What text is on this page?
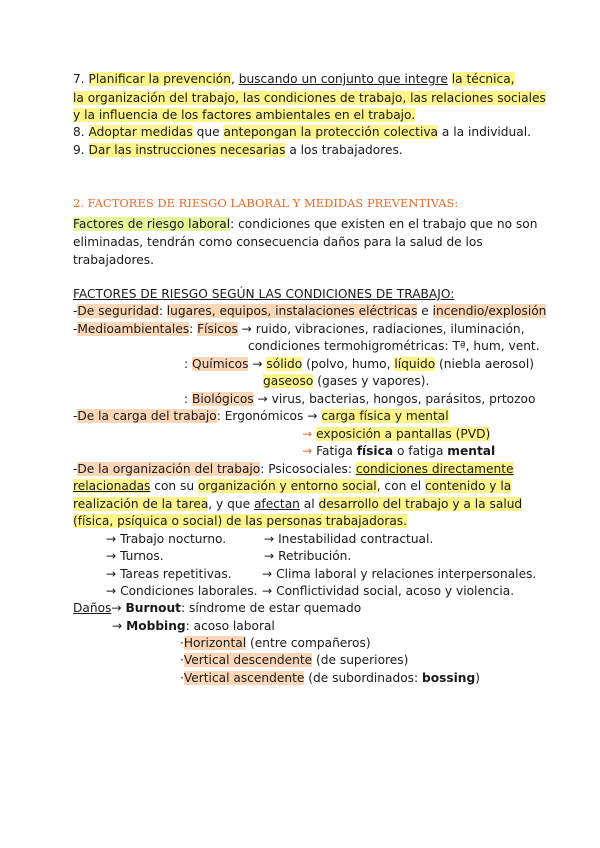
7. Planificar la prevención, buscando un conjunto que integre la técnica,
la organización del trabajo, las condiciones de trabajo, las relaciones sociales
y la influencia de los factores ambientales en el trabajo.
8. Adoptar medidas que antepongan la protección colectiva a la individual.
9. Dar las instrucciones necesarias a los trabajadores.
2. FACTORES DE RIESGO LABORAL Y MEDIDAS PREVENTIVAS:
Factores de riesgo laboral: condiciones que existen en el trabajo que no son
eliminadas, tendrán como consecuencia daños para la salud de los
trabajadores.
FACTORES DE RIESGO SEGÚN LAS CONDICIONES DE TRABAJO:
-De seguridad: lugares, equipos, instalaciones eléctricas e incendio/explosión
-Medioambientales: Físicos → ruido, vibraciones, radiaciones, iluminación,
condiciones termohigrométricas: Tª, hum, vent.
: Químicos → sólido (polvo, humo, líquido (niebla aerosol)
gaseoso (gases y vapores).
: Biológicos → virus, bacterias, hongos, parásitos, prtozoo
-De la carga del trabajo: Ergonómicos → carga física y mental
→ exposición a pantallas (PVD)
→ Fatiga física o fatiga mental
-De la organización del trabajo: Psicosociales: condiciones directamente
relacionadas con su organización y entorno social, con el contenido y la
realización de la tarea, y que afectan al desarrollo del trabajo y a la salud
(física, psíquica o social) de las personas trabajadoras.
→ Trabajo nocturno.
→ Turnos.
→ Tareas repetitivas.
→ Condiciones laborales.
→ Inestabilidad contractual.
→ Retribución.
→ Clima laboral y relaciones interpersonales.
→ Conflictividad social, acoso y violencia.
Daños→ Burnout: síndrome de estar quemado
→ Mobbing: acoso laboral
·Horizontal (entre compañeros)
·Vertical descendente (de superiores)
·Vertical ascendente (de subordinados: bossing)
